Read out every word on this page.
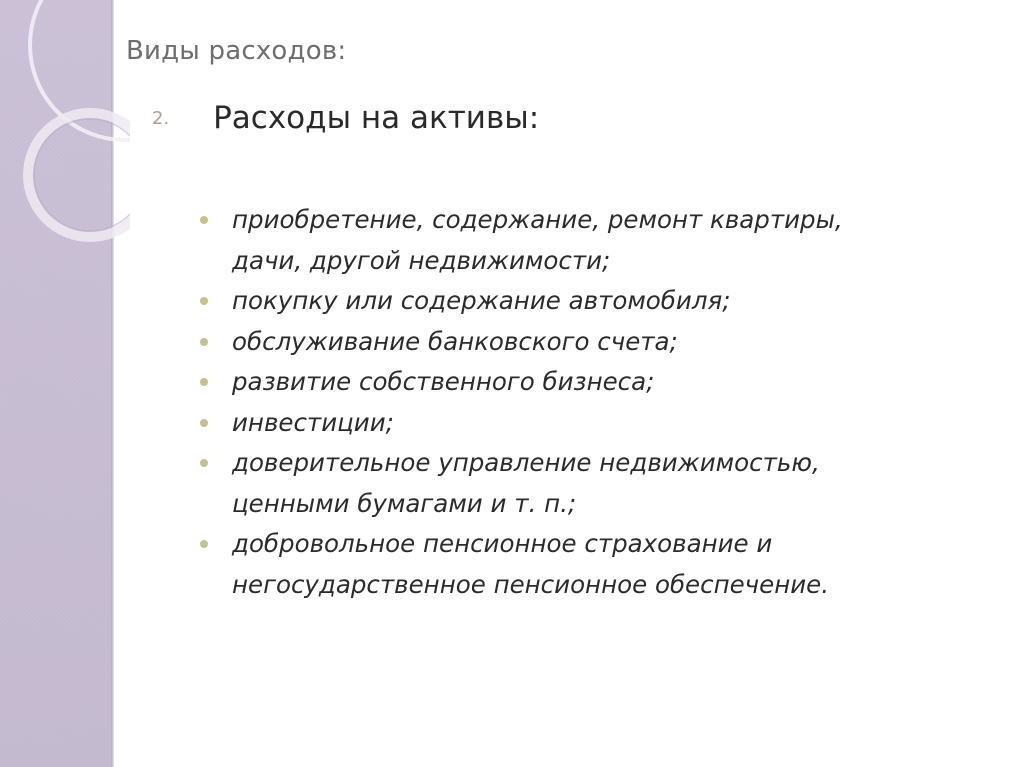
Виды расходов:
2. Расходы на активы:
приобретение, содержание, ремонт квартиры,
дачи, другой недвижимости;
покупку или содержание автомобиля;
обслуживание банковского счета;
развитие собственного бизнеса;
инвестиции;
доверительное управление недвижимостью,
ценными бумагами и т. п.;
добровольное пенсионное страхование и
негосударственное пенсионное обеспечение.
